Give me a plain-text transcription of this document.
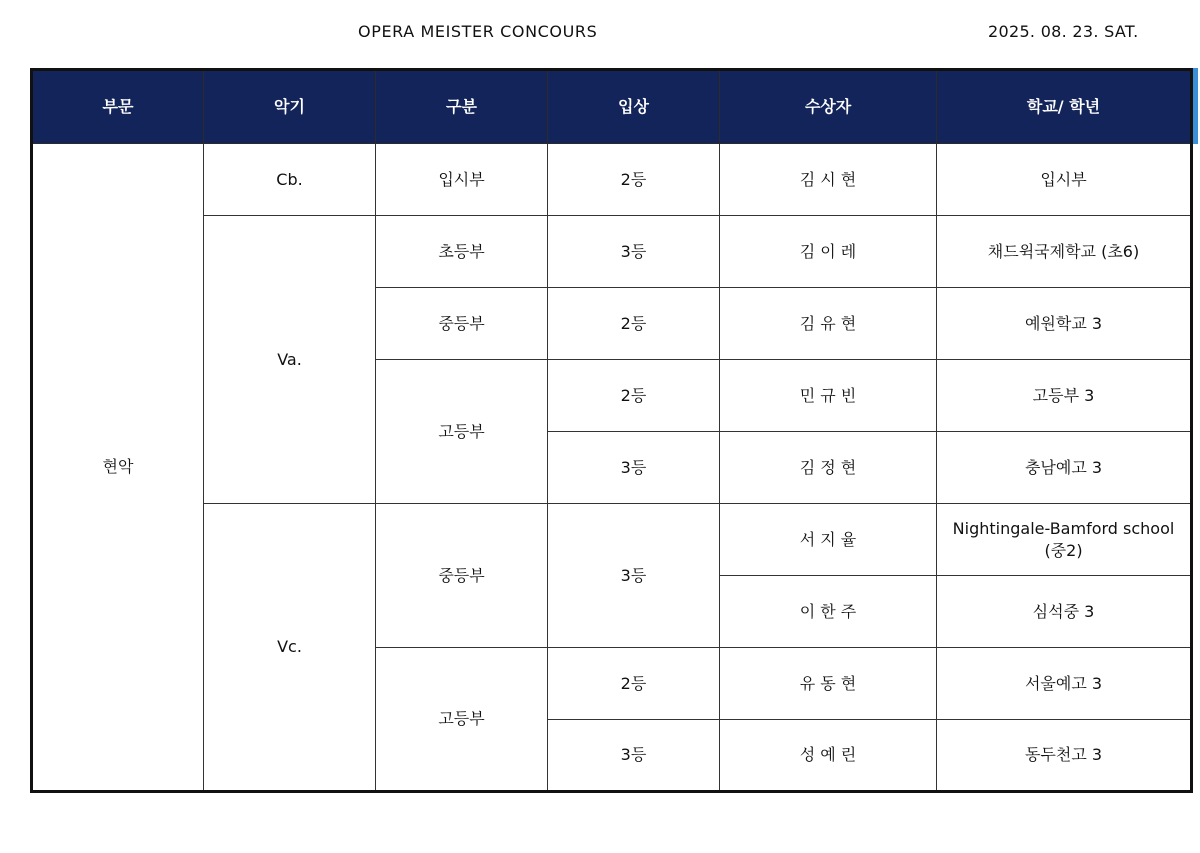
OPERA MEISTER CONCOURS	2025. 08. 23. SAT.
부문	악기	구분	입상	수상자	학교/ 학년
현악	Cb.	입시부	2등	김 시 현	입시부
	Va.	초등부	3등	김 이 레	채드윅국제학교 (초6)
		중등부	2등	김 유 현	예원학교 3
		고등부	2등	민 규 빈	고등부 3
			3등	김 정 현	충남예고 3
	Vc.	중등부	3등	서 지 율	Nightingale-Bamford school (중2)
				이 한 주	심석중 3
		고등부	2등	유 동 현	서울예고 3
			3등	성 예 린	동두천고 3
